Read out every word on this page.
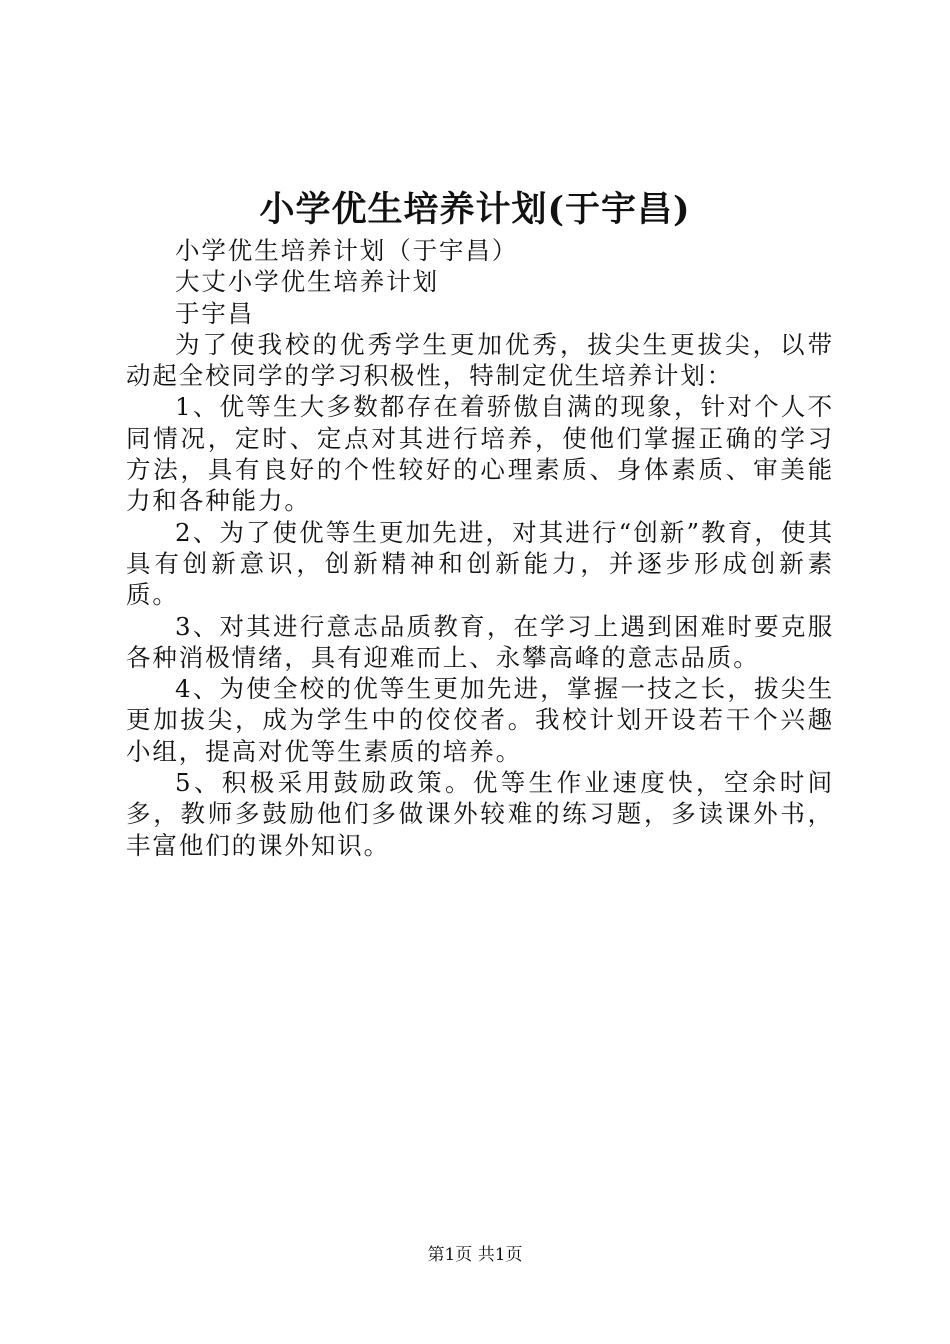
小学优生培养计划(于宇昌)

小学优生培养计划（于宇昌）

大丈小学优生培养计划

于宇昌

为了使我校的优秀学生更加优秀，拔尖生更拔尖，以带动起全校同学的学习积极性，特制定优生培养计划：

1、优等生大多数都存在着骄傲自满的现象，针对个人不同情况，定时、定点对其进行培养，使他们掌握正确的学习方法，具有良好的个性较好的心理素质、身体素质、审美能力和各种能力。

2、为了使优等生更加先进，对其进行“创新”教育，使其具有创新意识，创新精神和创新能力，并逐步形成创新素质。

3、对其进行意志品质教育，在学习上遇到困难时要克服各种消极情绪，具有迎难而上、永攀高峰的意志品质。

4、为使全校的优等生更加先进，掌握一技之长，拔尖生更加拔尖，成为学生中的佼佼者。我校计划开设若干个兴趣小组，提高对优等生素质的培养。

5、积极采用鼓励政策。优等生作业速度快，空余时间多，教师多鼓励他们多做课外较难的练习题，多读课外书，丰富他们的课外知识。

第1页 共1页
